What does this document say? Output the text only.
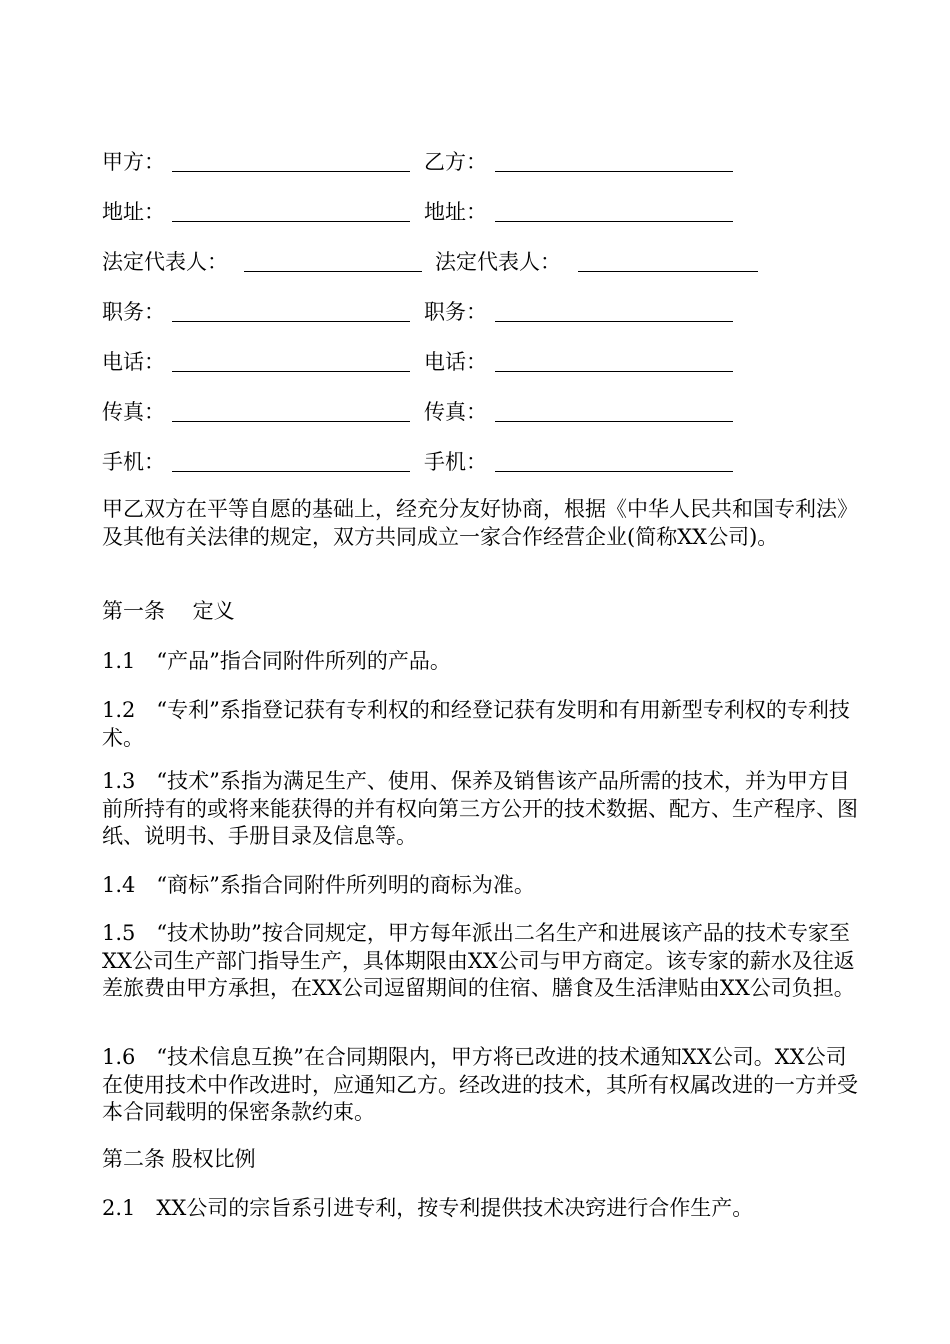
甲方：	乙方：
地址：	地址：
法定代表人：	法定代表人：
职务：	职务：
电话：	电话：
传真：	传真：
手机：	手机：

甲乙双方在平等自愿的基础上，经充分友好协商，根据《中华人民共和国专利法》及其他有关法律的规定，双方共同成立一家合作经营企业(简称XX公司)。

第一条　 定义

1.1　“产品”指合同附件所列的产品。

1.2　“专利”系指登记获有专利权的和经登记获有发明和有用新型专利权的专利技术。

1.3　“技术”系指为满足生产、使用、保养及销售该产品所需的技术，并为甲方目前所持有的或将来能获得的并有权向第三方公开的技术数据、配方、生产程序、图纸、说明书、手册目录及信息等。

1.4　“商标”系指合同附件所列明的商标为准。

1.5　“技术协助”按合同规定，甲方每年派出二名生产和进展该产品的技术专家至XX公司生产部门指导生产，具体期限由XX公司与甲方商定。该专家的薪水及往返差旅费由甲方承担，在XX公司逗留期间的住宿、膳食及生活津贴由XX公司负担。

1.6　“技术信息互换”在合同期限内，甲方将已改进的技术通知XX公司。XX公司在使用技术中作改进时，应通知乙方。经改进的技术，其所有权属改进的一方并受本合同载明的保密条款约束。

第二条 股权比例

2.1　XX公司的宗旨系引进专利，按专利提供技术决窍进行合作生产。
